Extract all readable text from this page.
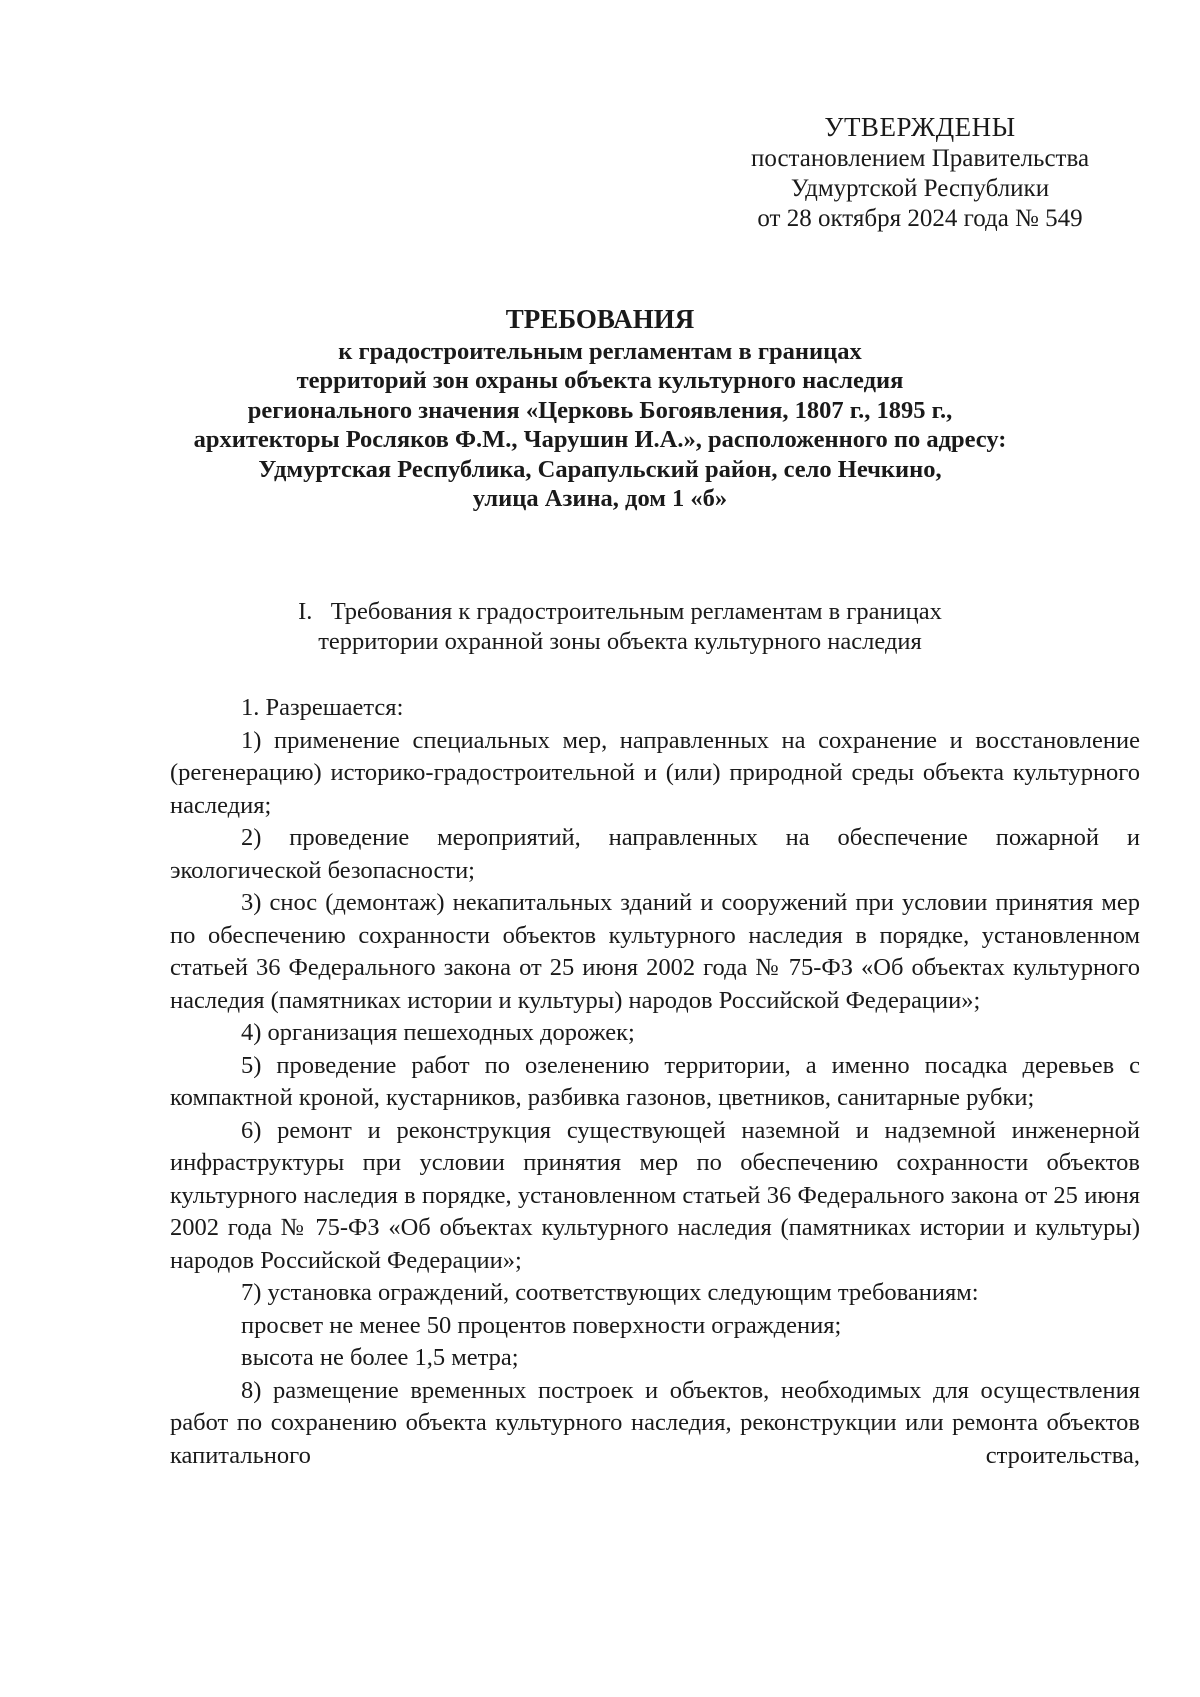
УТВЕРЖДЕНЫ
постановлением Правительства
Удмуртской Республики
от 28 октября 2024 года № 549
ТРЕБОВАНИЯ
к градостроительным регламентам в границах
территорий зон охраны объекта культурного наследия
регионального значения «Церковь Богоявления, 1807 г., 1895 г.,
архитекторы Росляков Ф.М., Чарушин И.А.», расположенного по адресу:
Удмуртская Республика, Сарапульский район, село Нечкино,
улица Азина, дом 1 «б»
I.   Требования к градостроительным регламентам в границах
территории охранной зоны объекта культурного наследия

1. Разрешается:

1) применение специальных мер, направленных на сохранение и восстановление (регенерацию) историко-градостроительной и (или) природной среды объекта культурного наследия;

2) проведение мероприятий, направленных на обеспечение пожарной и экологической безопасности;

3) снос (демонтаж) некапитальных зданий и сооружений при условии принятия мер по обеспечению сохранности объектов культурного наследия в порядке, установленном статьей 36 Федерального закона от 25 июня 2002 года № 75-ФЗ «Об объектах культурного наследия (памятниках истории и культуры) народов Российской Федерации»;

4) организация пешеходных дорожек;

5) проведение работ по озеленению территории, а именно посадка деревьев с компактной кроной, кустарников, разбивка газонов, цветников, санитарные рубки;

6) ремонт и реконструкция существующей наземной и надземной инженерной инфраструктуры при условии принятия мер по обеспечению сохранности объектов культурного наследия в порядке, установленном статьей 36 Федерального закона от 25 июня 2002 года № 75-ФЗ «Об объектах культурного наследия (памятниках истории и культуры) народов Российской Федерации»;

7) установка ограждений, соответствующих следующим требованиям:

просвет не менее 50 процентов поверхности ограждения;

высота не более 1,5 метра;

8) размещение временных построек и объектов, необходимых для осуществления работ по сохранению объекта культурного наследия, реконструкции или ремонта объектов капитального строительства,
